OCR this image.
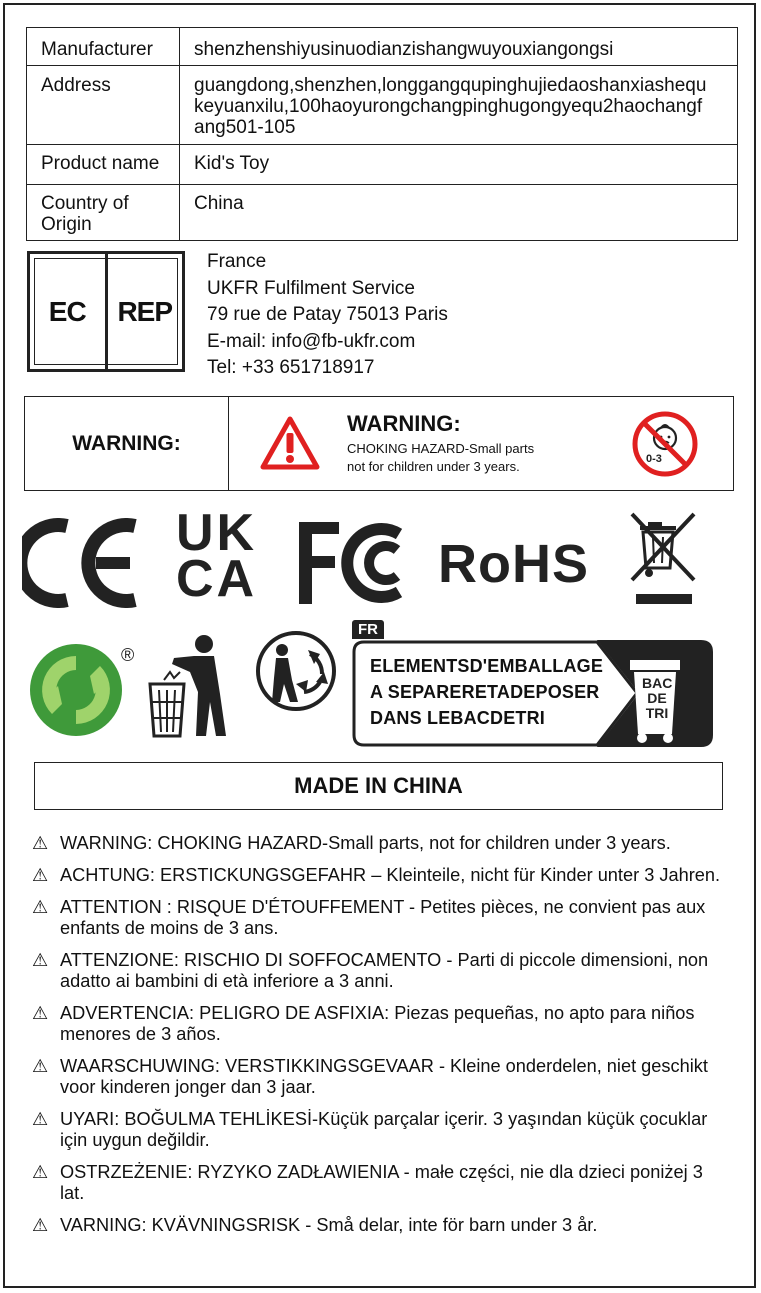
Manufacturer	shenzhenshiyusinuodianzishangwuyouxiangongsi
Address	guangdong,shenzhen,longgangqupinghujiedaoshanxiashequkeyuanxilu,100haoyurongchangpinghugongyequ2haochangfang501-105
Product name	Kid's Toy
Country of Origin	China
EC	REP
France
UKFR Fulfilment Service
79 rue de Patay 75013 Paris
E-mail: info@fb-ukfr.com
Tel: +33 651718917
WARNING:
WARNING:
CHOKING HAZARD-Small parts
not for children under 3 years.	0-3
UK
CA	RoHS
®
FR
ELEMENTSD'EMBALLAGE
A SEPARERETADEPOSER
DANS LEBACDETRI
BAC
DE
TRI
MADE IN CHINA
⚠ WARNING: CHOKING HAZARD-Small parts, not for children under 3 years.
⚠ ACHTUNG: ERSTICKUNGSGEFAHR – Kleinteile, nicht für Kinder unter 3 Jahren.
⚠ ATTENTION : RISQUE D'ÉTOUFFEMENT - Petites pièces, ne convient pas aux enfants de moins de 3 ans.
⚠ ATTENZIONE: RISCHIO DI SOFFOCAMENTO - Parti di piccole dimensioni, non adatto ai bambini di età inferiore a 3 anni.
⚠ ADVERTENCIA: PELIGRO DE ASFIXIA: Piezas pequeñas, no apto para niños menores de 3 años.
⚠ WAARSCHUWING: VERSTIKKINGSGEVAAR - Kleine onderdelen, niet geschikt voor kinderen jonger dan 3 jaar.
⚠ UYARI: BOĞULMA TEHLİKESİ-Küçük parçalar içerir. 3 yaşından küçük çocuklar için uygun değildir.
⚠ OSTRZEŻENIE: RYZYKO ZADŁAWIENIA - małe części, nie dla dzieci poniżej 3 lat.
⚠ VARNING: KVÄVNINGSRISK - Små delar, inte för barn under 3 år.
